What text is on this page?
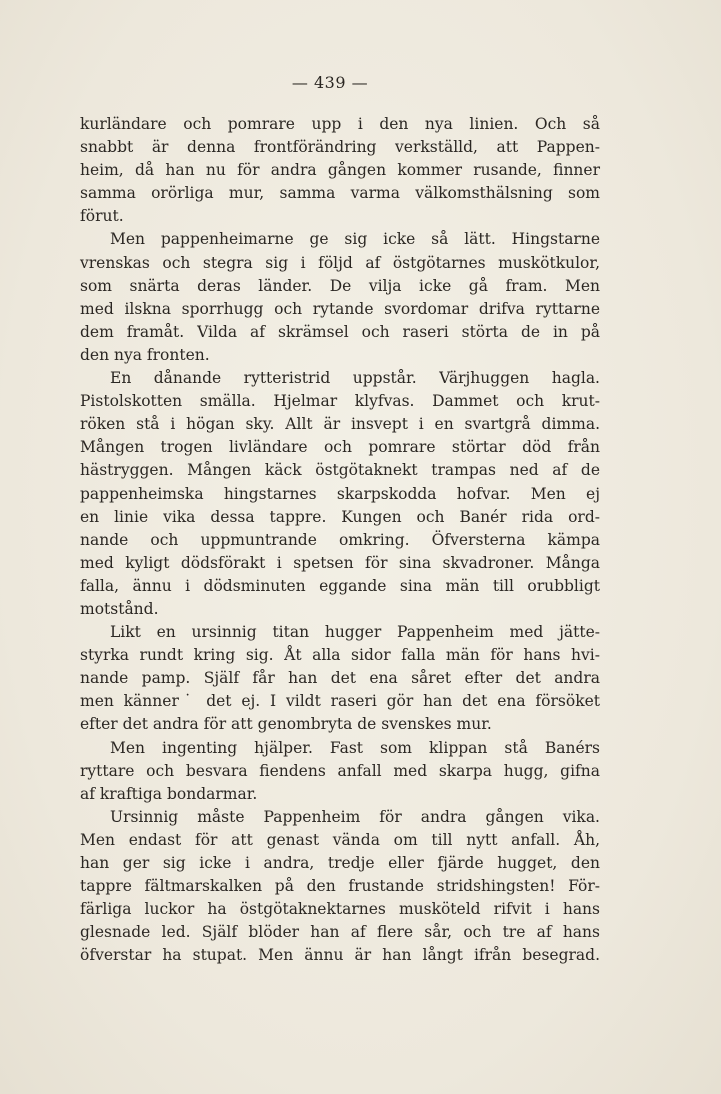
— 439 —
kurländare och pomrare upp i den nya linien. Och så
snabbt är denna frontförändring verkställd, att Pappen-
heim, då han nu för andra gången kommer rusande, finner
samma orörliga mur, samma varma välkomsthälsning som
förut.
Men pappenheimarne ge sig icke så lätt. Hingstarne
vrenskas och stegra sig i följd af östgötarnes muskötkulor,
som snärta deras länder. De vilja icke gå fram. Men
med ilskna sporrhugg och rytande svordomar drifva ryttarne
dem framåt. Vilda af skrämsel och raseri störta de in på
den nya fronten.
En dånande rytteristrid uppstår. Värjhuggen hagla.
Pistolskotten smälla. Hjelmar klyfvas. Dammet och krut-
röken stå i högan sky. Allt är insvept i en svartgrå dimma.
Mången trogen livländare och pomrare störtar död från
hästryggen. Mången käck östgötaknekt trampas ned af de
pappenheimska hingstarnes skarpskodda hofvar. Men ej
en linie vika dessa tappre. Kungen och Banér rida ord-
nande och uppmuntrande omkring. Öfversterna kämpa
med kyligt dödsförakt i spetsen för sina skvadroner. Många
falla, ännu i dödsminuten eggande sina män till orubbligt
motstånd.
Likt en ursinnig titan hugger Pappenheim med jätte-
styrka rundt kring sig. Åt alla sidor falla män för hans hvi-
nande pamp. Själf får han det ena såret efter det andra
men känner˙ det ej. I vildt raseri gör han det ena försöket
efter det andra för att genombryta de svenskes mur.
Men ingenting hjälper. Fast som klippan stå Banérs
ryttare och besvara fiendens anfall med skarpa hugg, gifna
af kraftiga bondarmar.
Ursinnig måste Pappenheim för andra gången vika.
Men endast för att genast vända om till nytt anfall. Åh,
han ger sig icke i andra, tredje eller fjärde hugget, den
tappre fältmarskalken på den frustande stridshingsten! För-
färliga luckor ha östgötaknektarnes musköteld rifvit i hans
glesnade led. Själf blöder han af flere sår, och tre af hans
öfverstar ha stupat. Men ännu är han långt ifrån besegrad.
